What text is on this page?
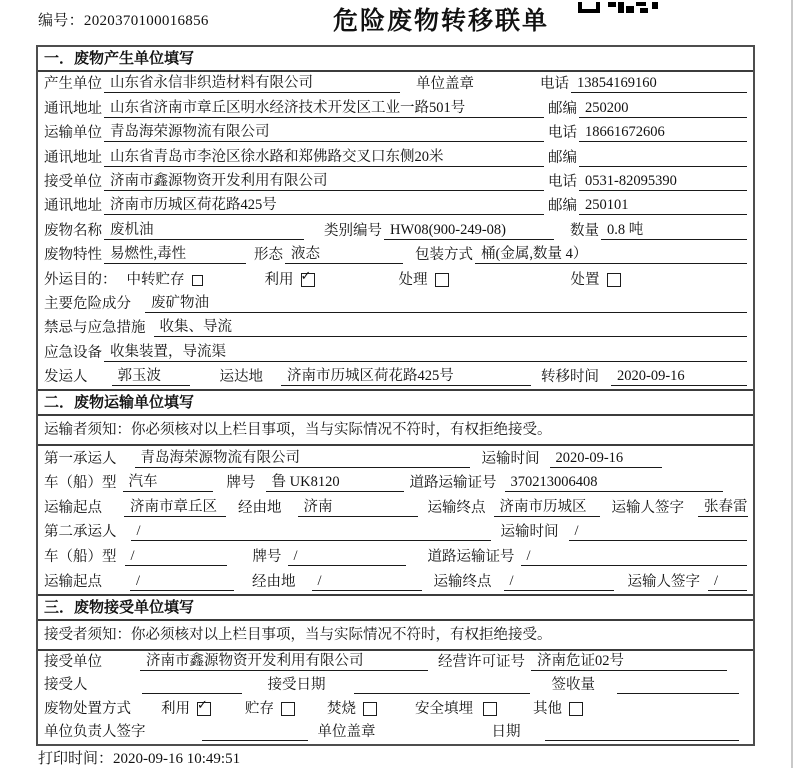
编号：2020370100016856	危险废物转移联单
一．废物产生单位填写
产生单位 山东省永信非织造材料有限公司	单位盖章	电话 13854169160
通讯地址 山东省济南市章丘区明水经济技术开发区工业一路501号	邮编 250200
运输单位 青岛海荣源物流有限公司	电话 18661672606
通讯地址 山东省青岛市李沧区徐水路和郑佛路交叉口东侧20米	邮编
接受单位 济南市鑫源物资开发利用有限公司	电话 0531-82095390
通讯地址 济南市历城区荷花路425号	邮编 250101
废物名称 废机油	类别编号 HW08(900-249-08)	数量 0.8 吨
废物特性 易燃性,毒性	形态 液态	包装方式 桶(金属,数量 4）
外运目的： 中转贮存	利用 ✓	处理	处置
主要危险成分	废矿物油
禁忌与应急措施 收集、导流
应急设备 收集装置，导流渠
发运人	郭玉波	运达地	济南市历城区荷花路425号	转移时间	2020-09-16
二．废物运输单位填写
运输者须知：你必须核对以上栏目事项，当与实际情况不符时，有权拒绝接受。
第一承运人	青岛海荣源物流有限公司	运输时间	2020-09-16
车（船）型 汽车	牌号	鲁 UK8120	道路运输证号 370213006408
运输起点	济南市章丘区	经由地	济南	运输终点 济南市历城区	运输人签字	张春雷
第二承运人	/	运输时间	/
车（船）型 /	牌号 /	道路运输证号 /
运输起点	/	经由地	/	运输终点	/	运输人签字 /
三．废物接受单位填写
接受者须知：你必须核对以上栏目事项，当与实际情况不符时，有权拒绝接受。
接受单位	济南市鑫源物资开发利用有限公司	经营许可证号 济南危证02号
接受人	接受日期	签收量
废物处置方式 利用 ✓	贮存	焚烧	安全填埋	其他
单位负责人签字	单位盖章	日期
打印时间：2020-09-16 10:49:51
